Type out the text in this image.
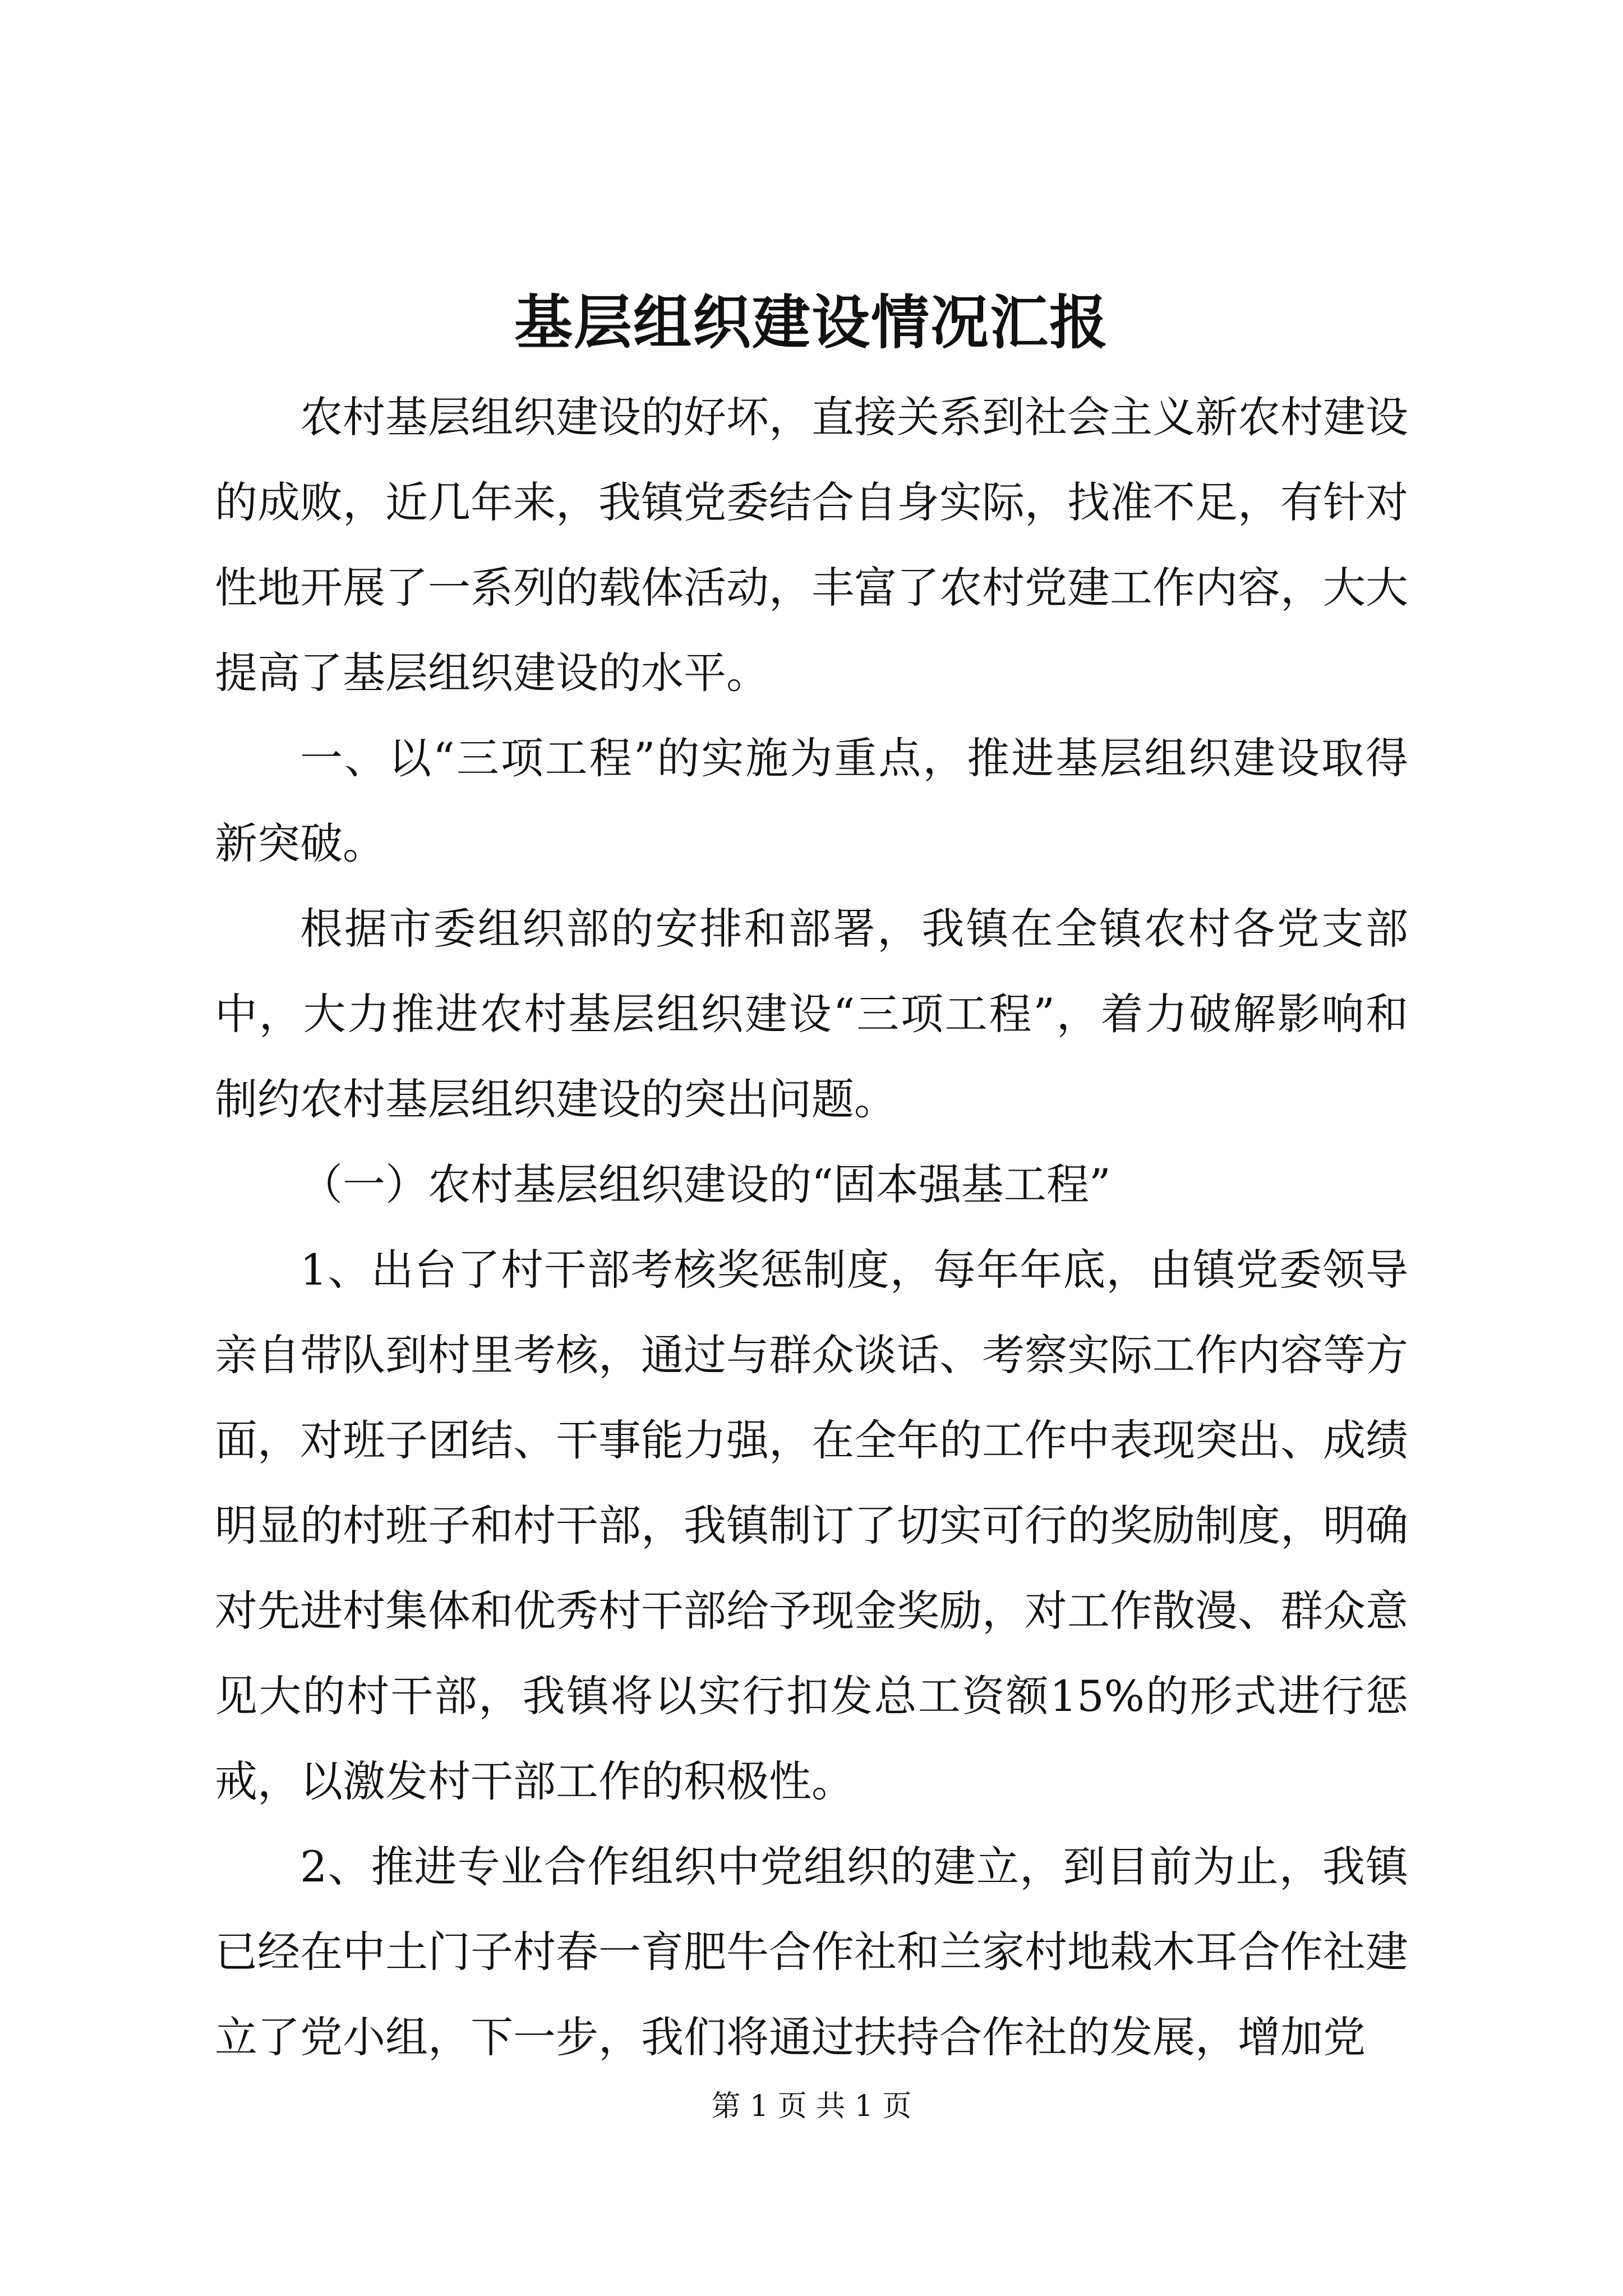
基层组织建设情况汇报

农村基层组织建设的好坏，直接关系到社会主义新农村建设的成败，近几年来，我镇党委结合自身实际，找准不足，有针对性地开展了一系列的载体活动，丰富了农村党建工作内容，大大提高了基层组织建设的水平。

一、以“三项工程”的实施为重点，推进基层组织建设取得新突破。

根据市委组织部的安排和部署，我镇在全镇农村各党支部中，大力推进农村基层组织建设“三项工程”，着力破解影响和制约农村基层组织建设的突出问题。

（一）农村基层组织建设的“固本强基工程”

1、出台了村干部考核奖惩制度，每年年底，由镇党委领导亲自带队到村里考核，通过与群众谈话、考察实际工作内容等方面，对班子团结、干事能力强，在全年的工作中表现突出、成绩明显的村班子和村干部，我镇制订了切实可行的奖励制度，明确对先进村集体和优秀村干部给予现金奖励，对工作散漫、群众意见大的村干部，我镇将以实行扣发总工资额15%的形式进行惩戒，以激发村干部工作的积极性。

2、推进专业合作组织中党组织的建立，到目前为止，我镇已经在中土门子村春一育肥牛合作社和兰家村地栽木耳合作社建立了党小组，下一步，我们将通过扶持合作社的发展，增加党

第 1 页 共 1 页
